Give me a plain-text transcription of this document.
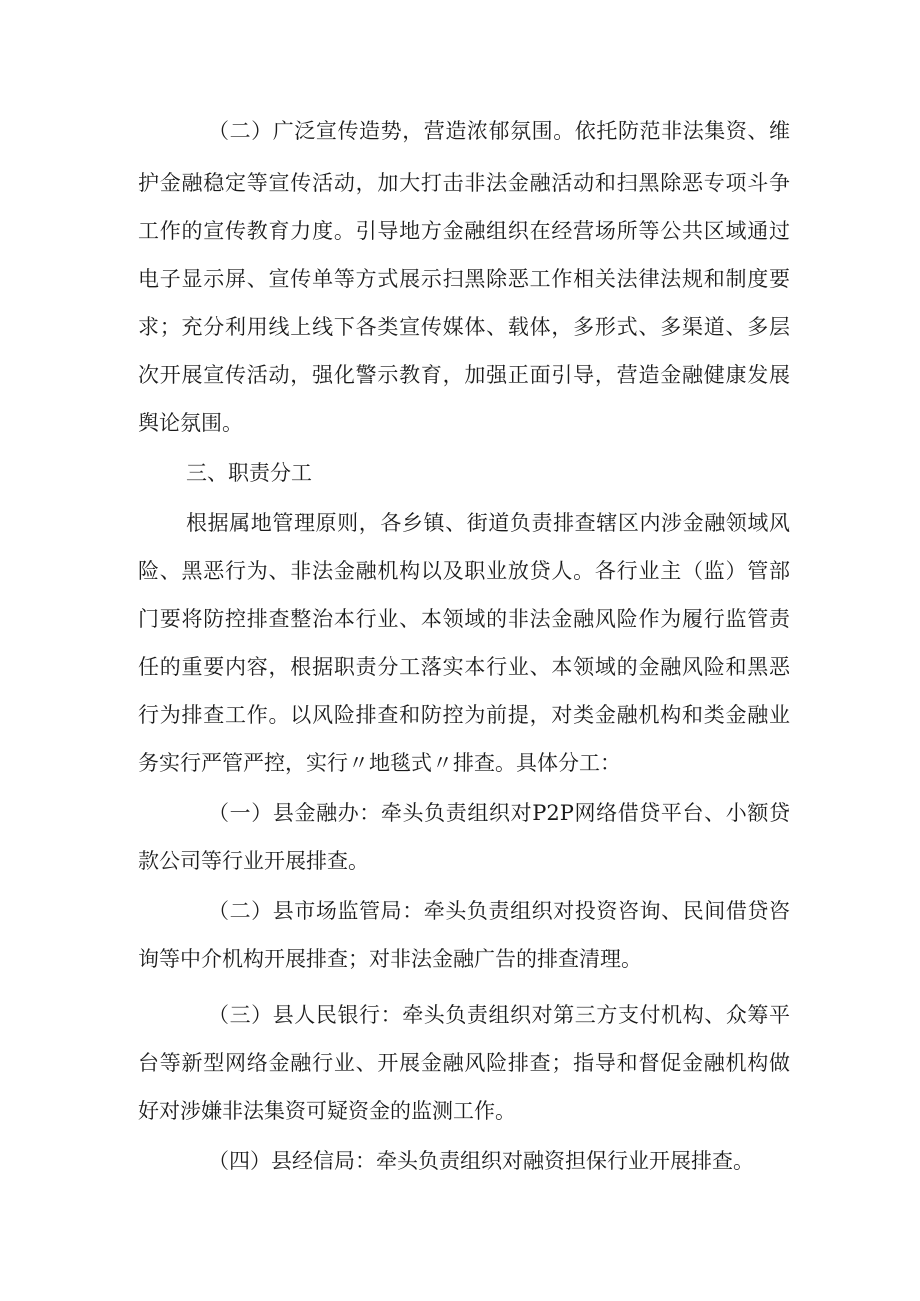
（二）广泛宣传造势，营造浓郁氛围。依托防范非法集资、维
护金融稳定等宣传活动，加大打击非法金融活动和扫黑除恶专项斗争
工作的宣传教育力度。引导地方金融组织在经营场所等公共区域通过
电子显示屏、宣传单等方式展示扫黑除恶工作相关法律法规和制度要
求；充分利用线上线下各类宣传媒体、载体，多形式、多渠道、多层
次开展宣传活动，强化警示教育，加强正面引导，营造金融健康发展
舆论氛围。
三、职责分工
根据属地管理原则，各乡镇、街道负责排查辖区内涉金融领域风
险、黑恶行为、非法金融机构以及职业放贷人。各行业主（监）管部
门要将防控排查整治本行业、本领域的非法金融风险作为履行监管责
任的重要内容，根据职责分工落实本行业、本领域的金融风险和黑恶
行为排查工作。以风险排查和防控为前提，对类金融机构和类金融业
务实行严管严控，实行〃地毯式〃排查。具体分工：
（一）县金融办：牵头负责组织对P2P网络借贷平台、小额贷
款公司等行业开展排查。
（二）县市场监管局：牵头负责组织对投资咨询、民间借贷咨
询等中介机构开展排查；对非法金融广告的排查清理。
（三）县人民银行：牵头负责组织对第三方支付机构、众筹平
台等新型网络金融行业、开展金融风险排查；指导和督促金融机构做
好对涉嫌非法集资可疑资金的监测工作。
（四）县经信局：牵头负责组织对融资担保行业开展排查。
